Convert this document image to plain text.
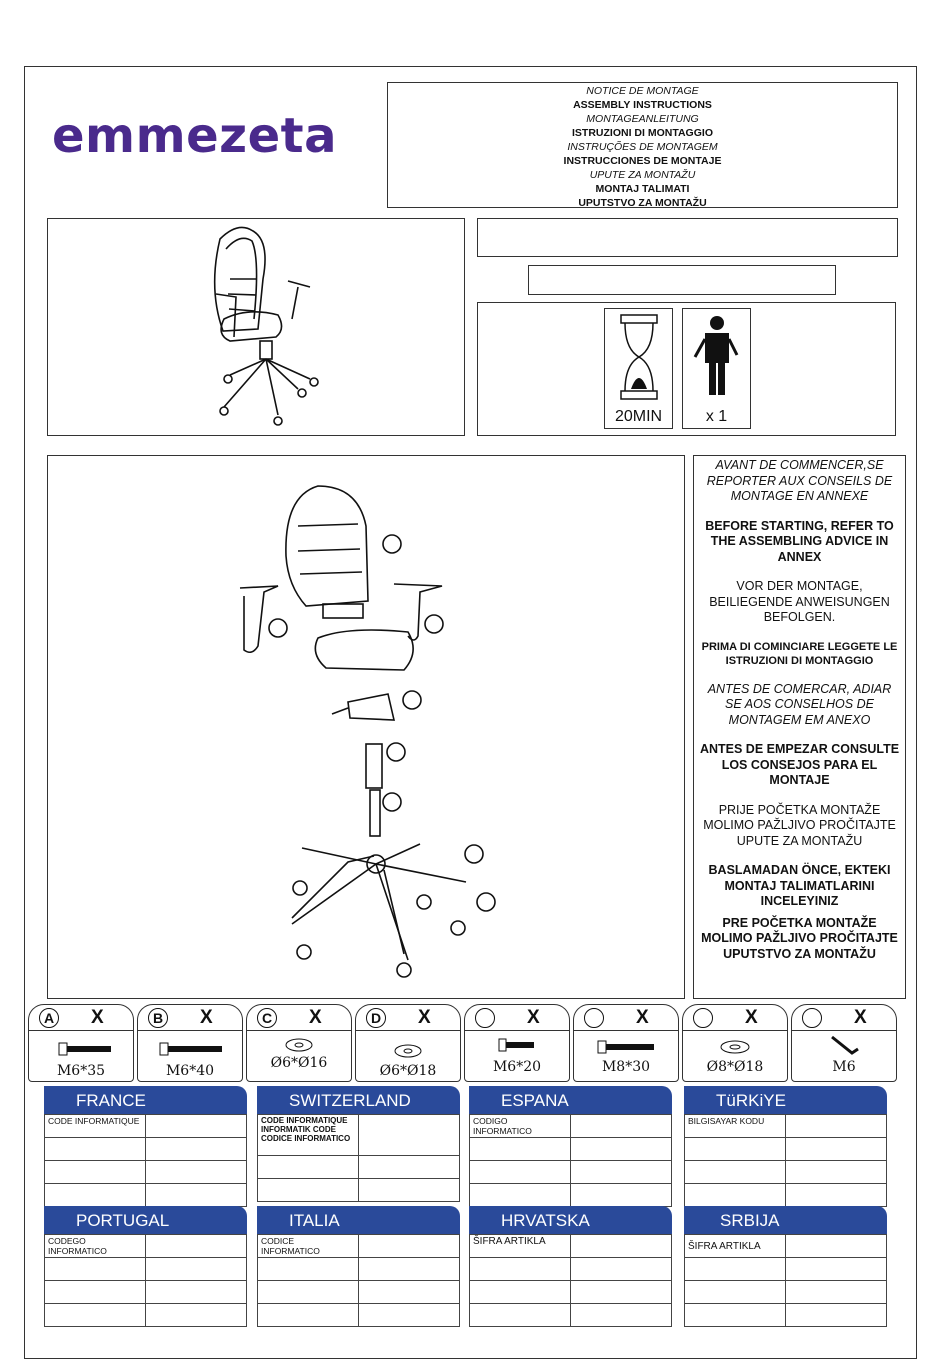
emmezeta
NOTICE DE MONTAGE
ASSEMBLY INSTRUCTIONS
MONTAGEANLEITUNG
ISTRUZIONI DI MONTAGGIO
INSTRUÇÕES DE MONTAGEM
INSTRUCCIONES DE MONTAJE
UPUTE ZA MONTAŽU
MONTAJ TALIMATI
UPUTSTVO ZA MONTAŽU
20MIN	x 1

AVANT DE COMMENCER,SE REPORTER AUX CONSEILS DE MONTAGE EN ANNEXE

BEFORE STARTING, REFER TO THE ASSEMBLING ADVICE IN ANNEX

VOR DER MONTAGE, BEILIEGENDE ANWEISUNGEN BEFOLGEN.

PRIMA DI COMINCIARE LEGGETE LE ISTRUZIONI DI MONTAGGIO

ANTES DE COMERCAR, ADIAR SE AOS CONSELHOS DE MONTAGEM EM ANEXO

ANTES DE EMPEZAR CONSULTE LOS CONSEJOS PARA EL MONTAJE

PRIJE POČETKA MONTAŽE MOLIMO PAŽLJIVO PROČITAJTE UPUTE ZA MONTAŽU

BASLAMADAN ÖNCE, EKTEKI MONTAJ TALIMATLARINI INCELEYINIZ

PRE POČETKA MONTAŽE MOLIMO PAŽLJIVO PROČITAJTE UPUTSTVO ZA MONTAŽU

A X
M6*35
B X
M6*40
C X
Ø6*Ø16
D X
Ø6*Ø18
X
M6*20
X
M8*30
X
Ø8*Ø18
X
M6
FRANCE
CODE INFORMATIQUE	

SWITZERLAND
CODE INFORMATIQUE
INFORMATIK CODE
CODICE INFORMATICO	

ESPANA
CODIGO INFORMATICO	

TüRKiYE
BILGISAYAR KODU	

PORTUGAL
CODEGO INFORMATICO	

ITALIA
CODICE INFORMATICO	

HRVATSKA
ŠIFRA ARTIKLA	

SRBIJA
ŠIFRA ARTIKLA	
